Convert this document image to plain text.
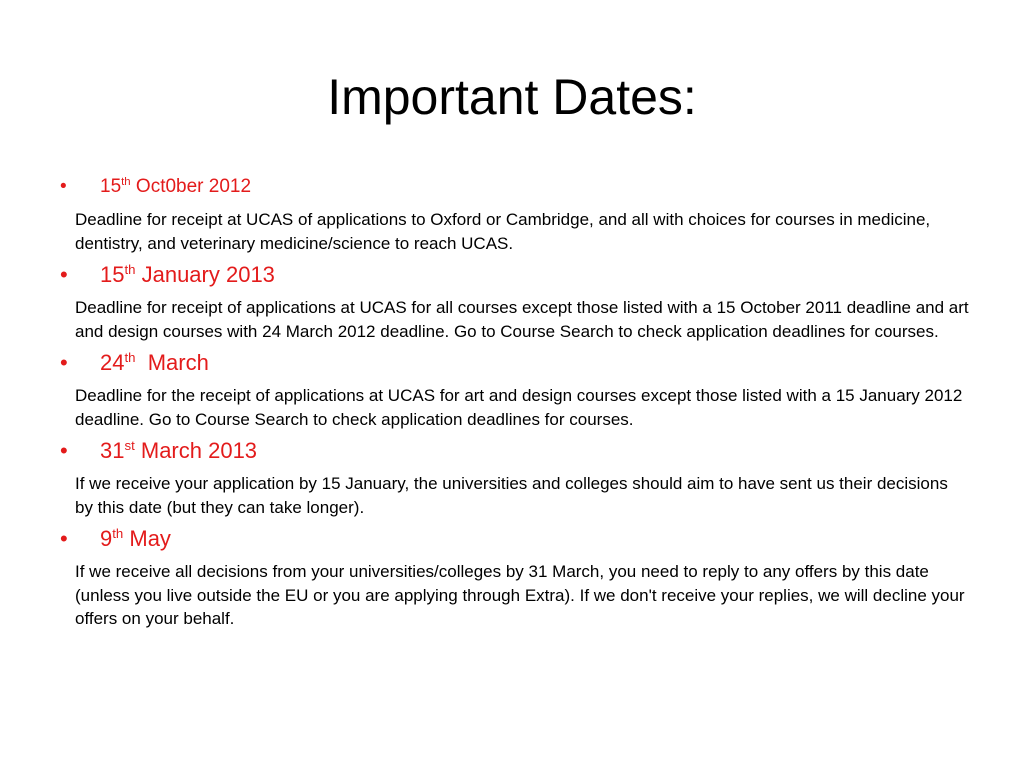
Important Dates:
• 15th Oct0ber 2012

Deadline for receipt at UCAS of applications to Oxford or Cambridge, and all with choices for courses in medicine, dentistry, and veterinary medicine/science to reach UCAS.

• 15th January 2013

Deadline for receipt of applications at UCAS for all courses except those listed with a 15 October 2011 deadline and art and design courses with 24 March 2012 deadline. Go to Course Search to check application deadlines for courses.

• 24th  March

Deadline for the receipt of applications at UCAS for art and design courses except those listed with a 15 January 2012 deadline. Go to Course Search to check application deadlines for courses.

• 31st March 2013

If we receive your application by 15 January, the universities and colleges should aim to have sent us their decisions by this date (but they can take longer).

• 9th May

If we receive all decisions from your universities/colleges by 31 March, you need to reply to any offers by this date (unless you live outside the EU or you are applying through Extra). If we don't receive your replies, we will decline your offers on your behalf.
